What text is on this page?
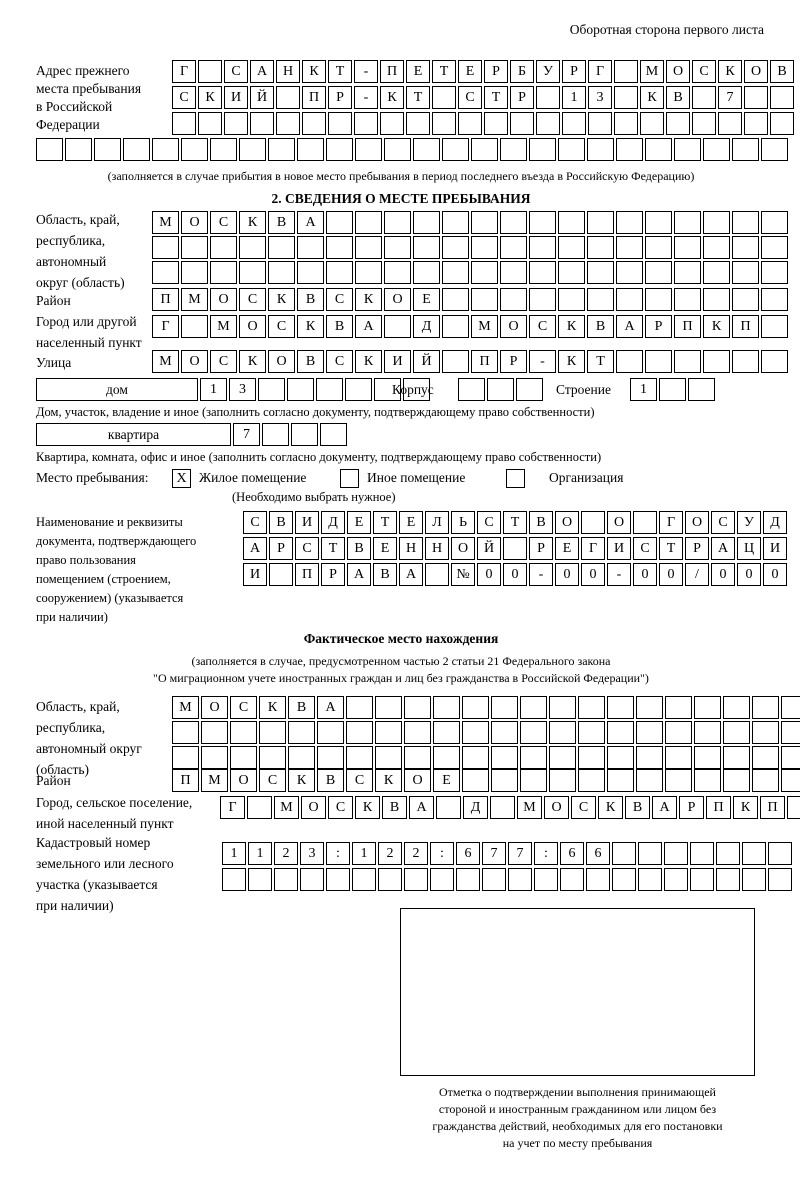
Оборотная сторона первого листа
Адрес прежнего
места пребывания
в Российской
Федерации
Г	С	А	Н	К	Т	-	П	Е	Т	Е	Р	Б	У	Р	Г	М	О	С	К	О	В
С	К	И	Й	П	Р	-	К	Т	С	Т	Р	1	3	К	В	7
(заполняется в случае прибытия в новое место пребывания в период последнего въезда в Российскую Федерацию)
2. СВЕДЕНИЯ О МЕСТЕ ПРЕБЫВАНИЯ
Область, край,
республика,
автономный
округ (область)
М	О	С	К	В	А
Район	П	М	О	С	К	В	С	К	О	Е
Город или другой
населенный пункт
Г	М	О	С	К	В	А	Д	М	О	С	К	В	А	Р	П	К	П
Улица	М	О	С	К	О	В	С	К	И	Й	П	Р	-	К	Т
дом	1	3	Корпус	Строение	1
Дом, участок, владение и иное (заполнить согласно документу, подтверждающему право собственности)
квартира	7
Квартира, комната, офис и иное (заполнить согласно документу, подтверждающему право собственности)
Место пребывания:	X Жилое помещение	Иное помещение	Организация
(Необходимо выбрать нужное)
Наименование и реквизиты
документа, подтверждающего
право пользования
помещением (строением,
сооружением) (указывается
при наличии)
С	В	И	Д	Е	Т	Е	Л	Ь	С	Т	В	О	О	Г	О	С	У	Д
А	Р	С	Т	В	Е	Н	Н	О	Й	Р	Е	Г	И	С	Т	Р	А	Ц	И
И	П	Р	А	В	А	№	0	0	-	0	0	-	0	0	/	0	0	0
Фактическое место нахождения
(заполняется в случае, предусмотренном частью 2 статьи 21 Федерального закона
"О миграционном учете иностранных граждан и лиц без гражданства в Российской Федерации")
Область, край,
республика,
автономный округ
(область)
М	О	С	К	В	А
Район	П	М	О	С	К	В	С	К	О	Е
Город, сельское поселение,
иной населенный пункт
Г	М	О	С	К	В	А	Д	М	О	С	К	В	А	Р	П	К	П
Кадастровый номер
земельного или лесного
участка (указывается
при наличии)
1	1	2	3	:	1	2	2	:	6	7	7	:	6	6
Отметка о подтверждении выполнения принимающей
стороной и иностранным гражданином или лицом без
гражданства действий, необходимых для его постановки
на учет по месту пребывания
